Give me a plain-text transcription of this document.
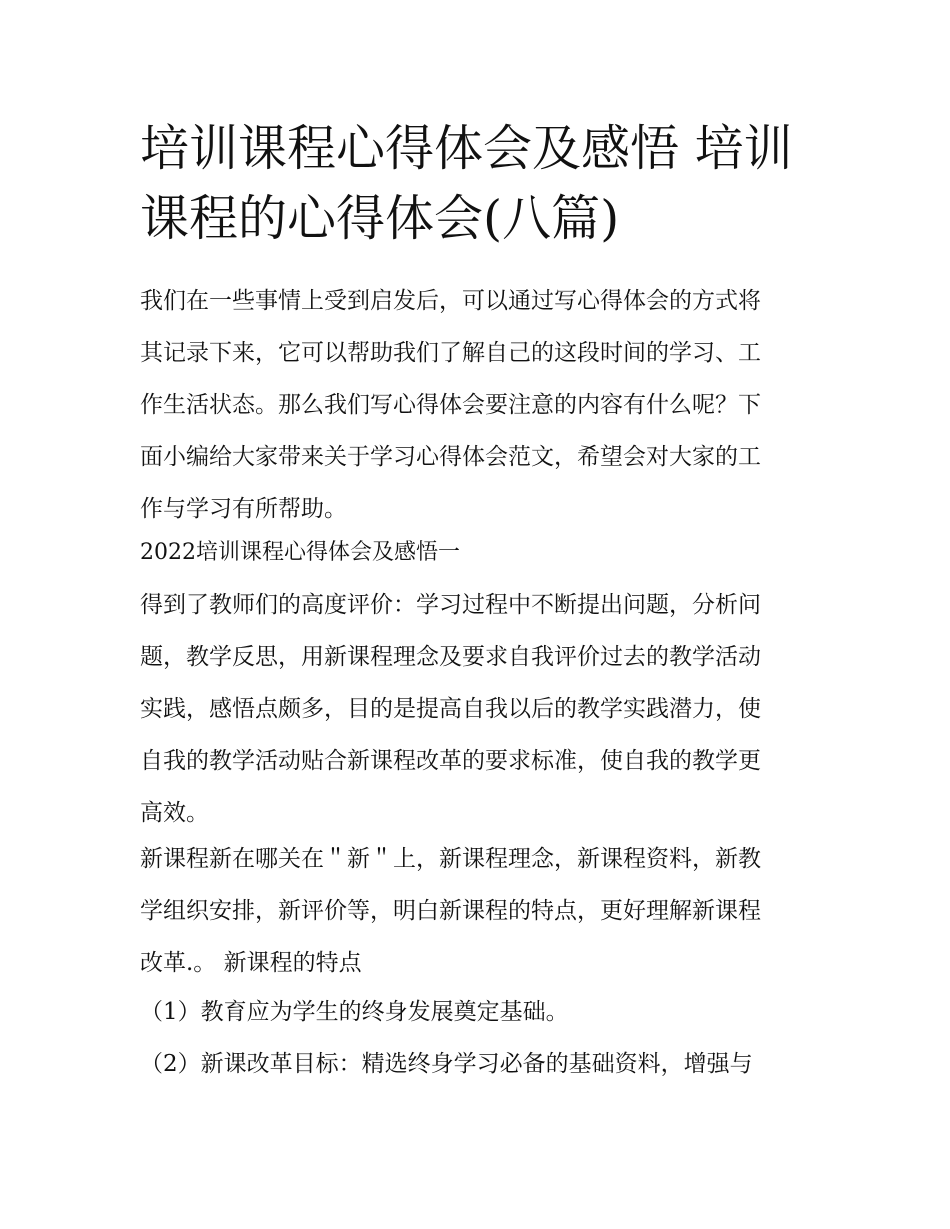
培训课程心得体会及感悟 培训
课程的心得体会(八篇)
我们在一些事情上受到启发后，可以通过写心得体会的方式将
其记录下来，它可以帮助我们了解自己的这段时间的学习、工
作生活状态。那么我们写心得体会要注意的内容有什么呢？下
面小编给大家带来关于学习心得体会范文，希望会对大家的工
作与学习有所帮助。
2022培训课程心得体会及感悟一
得到了教师们的高度评价：学习过程中不断提出问题，分析问
题，教学反思，用新课程理念及要求自我评价过去的教学活动
实践，感悟点颇多，目的是提高自我以后的教学实践潜力，使
自我的教学活动贴合新课程改革的要求标准，使自我的教学更
高效。
新课程新在哪关在＂新＂上，新课程理念，新课程资料，新教
学组织安排，新评价等，明白新课程的特点，更好理解新课程
改革.。 新课程的特点
（1）教育应为学生的终身发展奠定基础。
（2）新课改革目标：精选终身学习必备的基础资料，增强与
